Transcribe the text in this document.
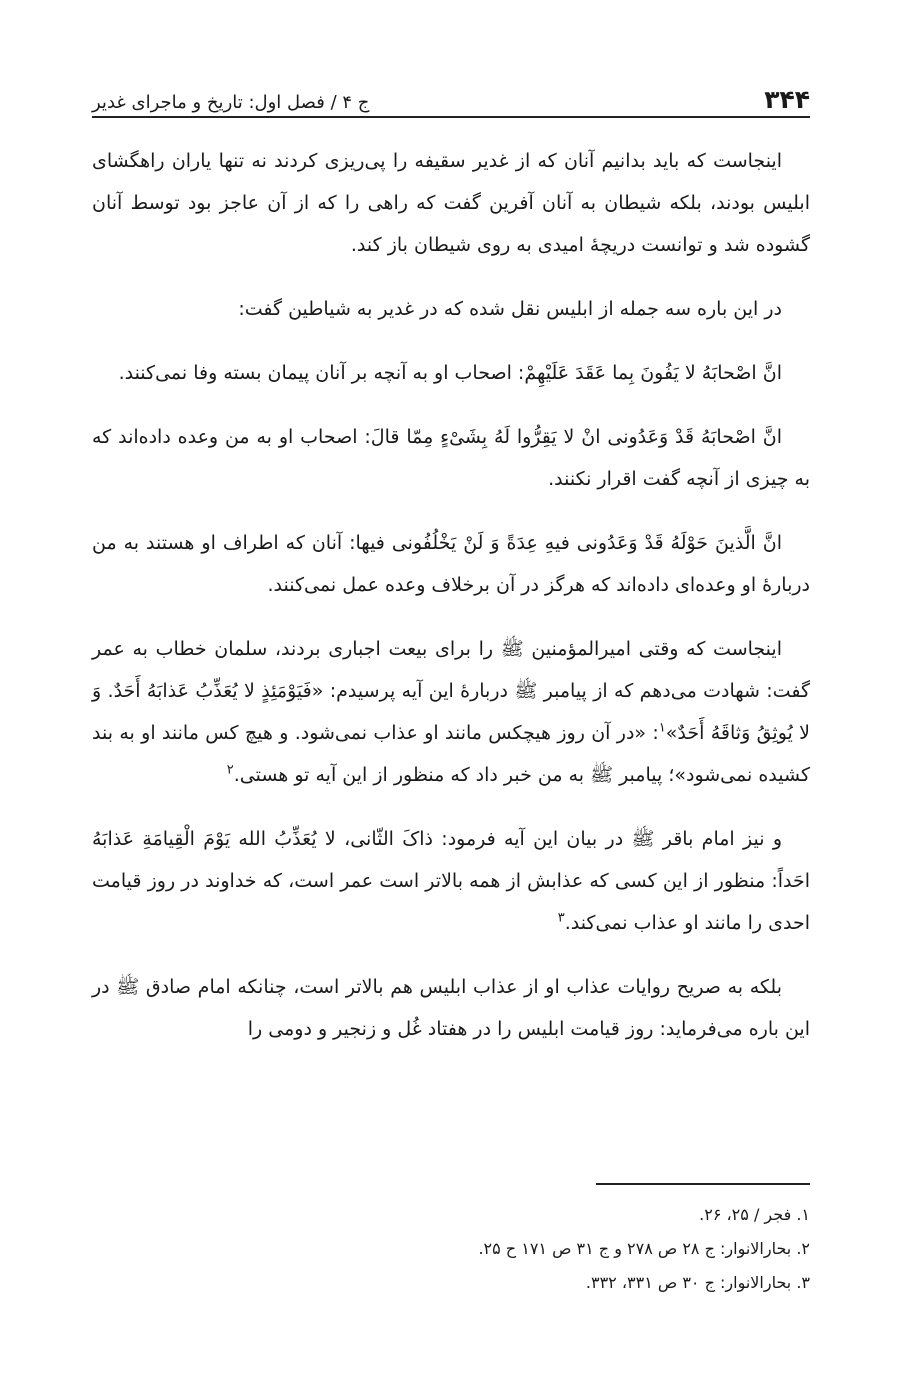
۳۴۴
ج ۴ / فصل اول: تاریخ و ماجرای غدیر

اینجاست که باید بدانیم آنان که از غدیر سقیفه را پی‌ریزی کردند نه تنها یاران راهگشای ابلیس بودند، بلکه شیطان به آنان آفرین گفت که راهی را که از آن عاجز بود توسط آنان گشوده شد و توانست دریچهٔ امیدی به روی شیطان باز کند.

در این باره سه جمله از ابلیس نقل شده که در غدیر به شیاطین گفت:

انَّ اصْحابَهُ لا یَفُونَ بِما عَقَدَ عَلَیْهِمْ: اصحاب او به آنچه بر آنان پیمان بسته وفا نمی‌کنند.

انَّ اصْحابَهُ قَدْ وَعَدُونی انْ لا یَقِرُّوا لَهُ بِشَیْءٍ مِمّا قالَ: اصحاب او به من وعده داده‌اند که به چیزی از آنچه گفت اقرار نکنند.

انَّ الَّذینَ حَوْلَهُ قَدْ وَعَدُونی فیهِ عِدَةً وَ لَنْ یَخْلُفُونی فیها: آنان که اطراف او هستند به من دربارهٔ او وعده‌ای داده‌اند که هرگز در آن برخلاف وعده عمل نمی‌کنند.

اینجاست که وقتی امیرالمؤمنین ﷺ را برای بیعت اجباری بردند، سلمان خطاب به عمر گفت: شهادت می‌دهم که از پیامبر ﷺ دربارهٔ این آیه پرسیدم: «فَیَوْمَئِذٍ لا یُعَذِّبُ عَذابَهُ أَحَدٌ. وَ لا یُوثِقُ وَثاقَهُ أَحَدٌ»$^۱$: «در آن روز هیچکس مانند او عذاب نمی‌شود. و هیچ کس مانند او به بند کشیده نمی‌شود»؛ پیامبر ﷺ به من خبر داد که منظور از این آیه تو هستی.$^۲$

و نیز امام باقر ﷺ در بیان این آیه فرمود: ذاکَ الثّانی، لا یُعَذِّبُ الله یَوْمَ الْقِیامَةِ عَذابَهُ احَداً: منظور از این کسی که عذابش از همه بالاتر است عمر است، که خداوند در روز قیامت احدی را مانند او عذاب نمی‌کند.$^۳$

بلکه به صریح روایات عذاب او از عذاب ابلیس هم بالاتر است، چنانکه امام صادق ﷺ در این باره می‌فرماید: روز قیامت ابلیس را در هفتاد غُل و زنجیر و دومی را

۱. فجر / ۲۵، ۲۶.

۲. بحارالانوار: ج ۲۸ ص ۲۷۸ و ج ۳۱ ص ۱۷۱ ح ۲۵.

۳. بحارالانوار: ج ۳۰ ص ۳۳۱، ۳۳۲.
